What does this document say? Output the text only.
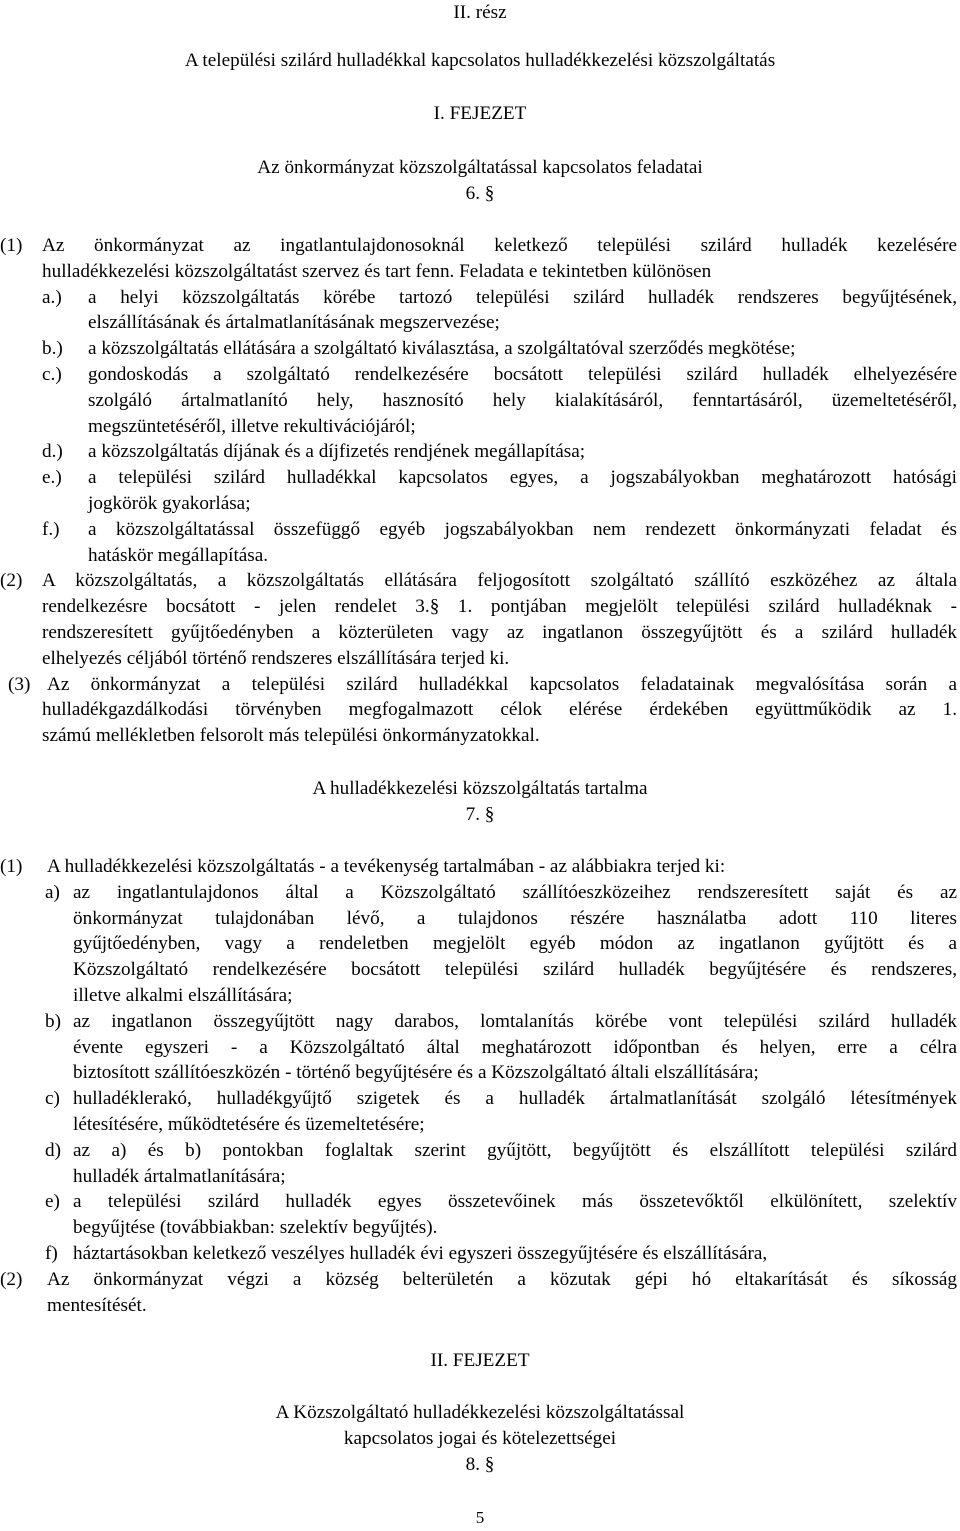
II. rész
A települési szilárd hulladékkal kapcsolatos hulladékkezelési közszolgáltatás
I. FEJEZET
Az önkormányzat közszolgáltatással kapcsolatos feladatai
6. §
(1) Az önkormányzat az ingatlantulajdonosoknál keletkező települési szilárd hulladék kezelésére
hulladékkezelési közszolgáltatást szervez és tart fenn. Feladata e tekintetben különösen
a.) a helyi közszolgáltatás körébe tartozó települési szilárd hulladék rendszeres begyűjtésének,
elszállításának és ártalmatlanításának megszervezése;
b.) a közszolgáltatás ellátására a szolgáltató kiválasztása, a szolgáltatóval szerződés megkötése;
c.) gondoskodás a szolgáltató rendelkezésére bocsátott települési szilárd hulladék elhelyezésére
szolgáló ártalmatlanító hely, hasznosító hely kialakításáról, fenntartásáról, üzemeltetéséről,
megszüntetéséről, illetve rekultivációjáról;
d.) a közszolgáltatás díjának és a díjfizetés rendjének megállapítása;
e.) a települési szilárd hulladékkal kapcsolatos egyes, a jogszabályokban meghatározott hatósági
jogkörök gyakorlása;
f.) a közszolgáltatással összefüggő egyéb jogszabályokban nem rendezett önkormányzati feladat és
hatáskör megállapítása.
(2) A közszolgáltatás, a közszolgáltatás ellátására feljogosított szolgáltató szállító eszközéhez az általa
rendelkezésre bocsátott - jelen rendelet 3.§ 1. pontjában megjelölt települési szilárd hulladéknak -
rendszeresített gyűjtőedényben a közterületen vagy az ingatlanon összegyűjtött és a szilárd hulladék
elhelyezés céljából történő rendszeres elszállítására terjed ki.
(3) Az önkormányzat a települési szilárd hulladékkal kapcsolatos feladatainak megvalósítása során a
hulladékgazdálkodási törvényben megfogalmazott célok elérése érdekében együttműködik az 1.
számú mellékletben felsorolt más települési önkormányzatokkal.
A hulladékkezelési közszolgáltatás tartalma
7. §
(1) A hulladékkezelési közszolgáltatás - a tevékenység tartalmában - az alábbiakra terjed ki:
a) az ingatlantulajdonos által a Közszolgáltató szállítóeszközeihez rendszeresített saját és az
önkormányzat tulajdonában lévő, a tulajdonos részére használatba adott 110 literes
gyűjtőedényben, vagy a rendeletben megjelölt egyéb módon az ingatlanon gyűjtött és a
Közszolgáltató rendelkezésére bocsátott települési szilárd hulladék begyűjtésére és rendszeres,
illetve alkalmi elszállítására;
b) az ingatlanon összegyűjtött nagy darabos, lomtalanítás körébe vont települési szilárd hulladék
évente egyszeri - a Közszolgáltató által meghatározott időpontban és helyen, erre a célra
biztosított szállítóeszközén - történő begyűjtésére és a Közszolgáltató általi elszállítására;
c) hulladéklerakó, hulladékgyűjtő szigetek és a hulladék ártalmatlanítását szolgáló létesítmények
létesítésére, működtetésére és üzemeltetésére;
d) az a) és b) pontokban foglaltak szerint gyűjtött, begyűjtött és elszállított települési szilárd
hulladék ártalmatlanítására;
e) a települési szilárd hulladék egyes összetevőinek más összetevőktől elkülönített, szelektív
begyűjtése (továbbiakban: szelektív begyűjtés).
f) háztartásokban keletkező veszélyes hulladék évi egyszeri összegyűjtésére és elszállítására,
(2) Az önkormányzat végzi a község belterületén a közutak gépi hó eltakarítását és síkosság
mentesítését.
II. FEJEZET
A Közszolgáltató hulladékkezelési közszolgáltatással
kapcsolatos jogai és kötelezettségei
8. §
5
